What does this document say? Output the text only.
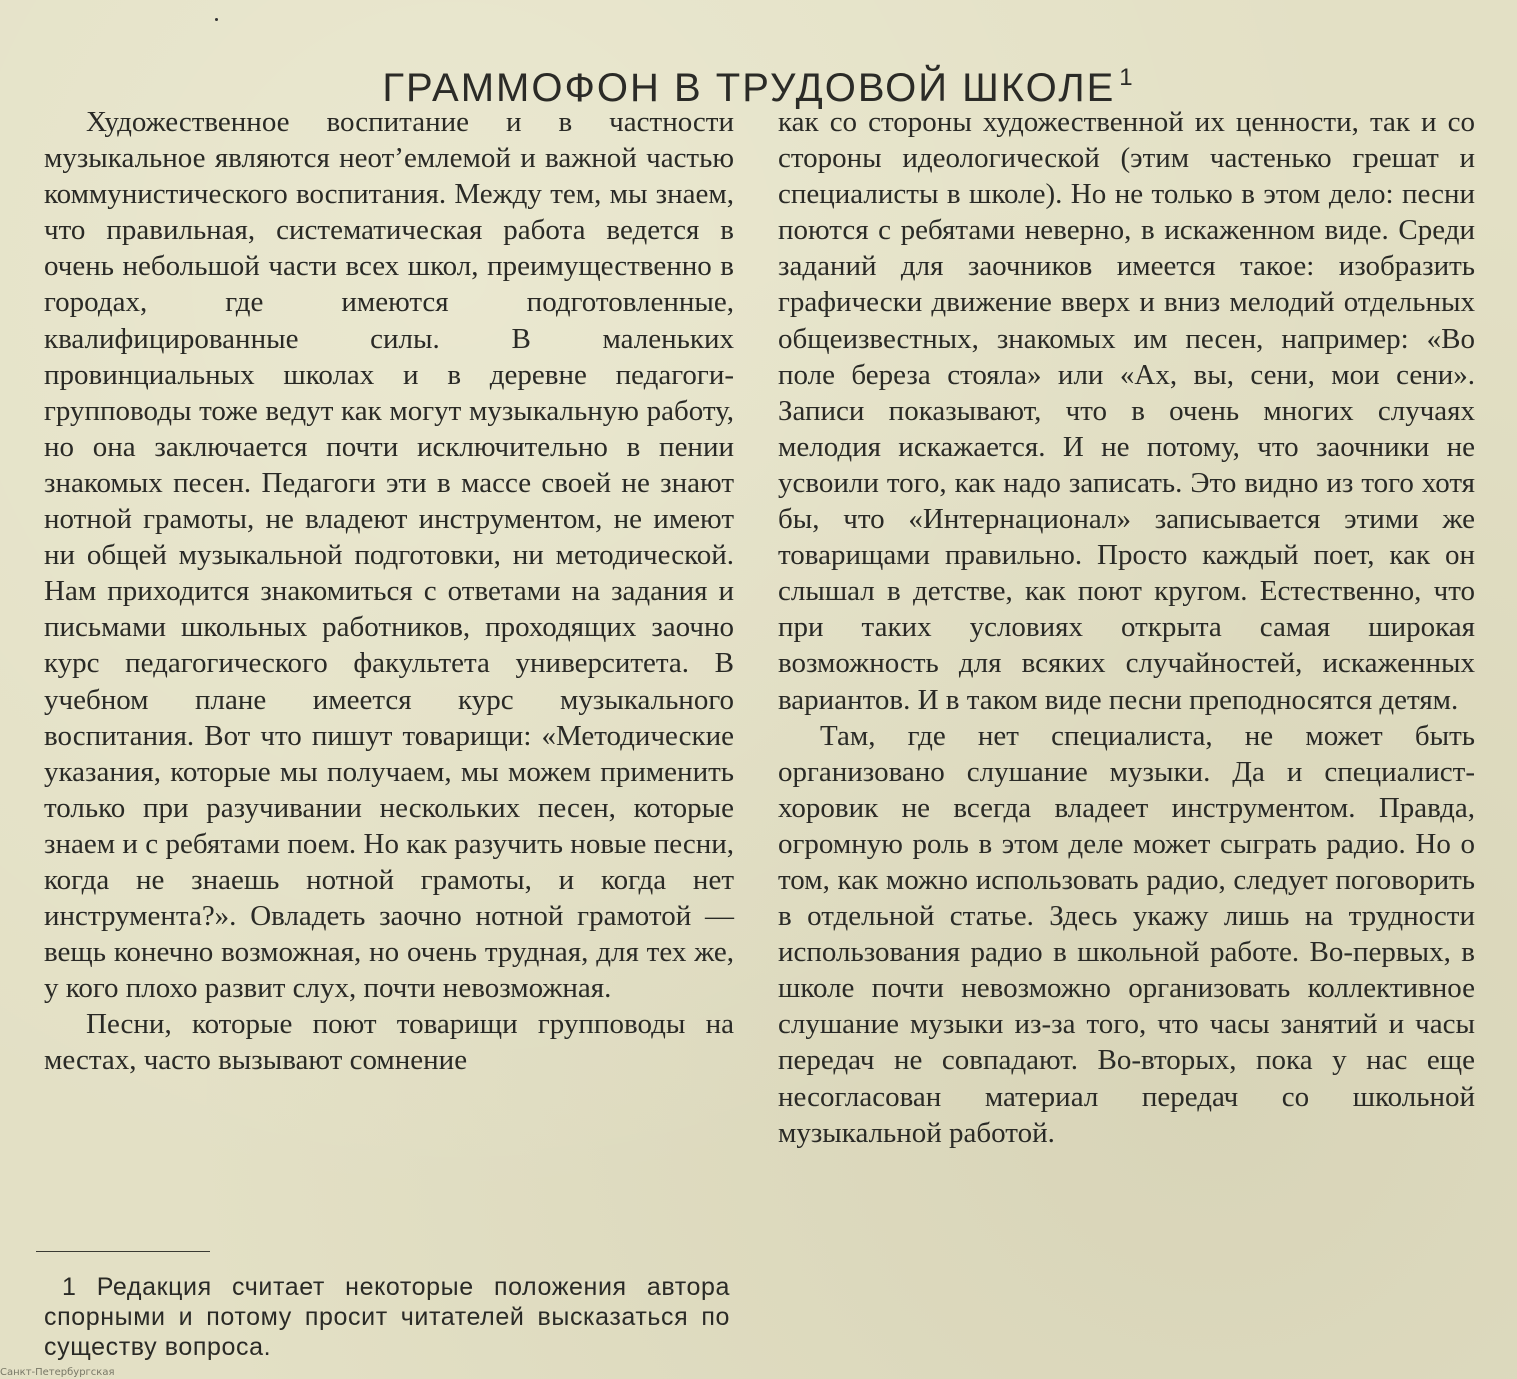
ГРАММОФОН В ТРУДОВОЙ ШКОЛЕ $^1$

Художественное воспитание и в частности музыкальное являются неот’емлемой и важной частью коммунистического воспитания. Между тем, мы знаем, что правильная, систематическая работа ведется в очень небольшой части всех школ, преимущественно в городах, где имеются подготовленные, квалифицированные силы. В маленьких провинциальных школах и в деревне педагоги-групповоды тоже ведут как могут музыкальную работу, но она заключается почти исключительно в пении знакомых песен. Педагоги эти в массе своей не знают нотной грамоты, не владеют инструментом, не имеют ни общей музыкальной подготовки, ни методической. Нам приходится знакомиться с ответами на задания и письмами школьных работников, проходящих заочно курс педагогического факультета университета. В учебном плане имеется курс музыкального воспитания. Вот что пишут товарищи: «Методические указания, которые мы получаем, мы можем применить только при разучивании нескольких песен, которые знаем и с ребятами поем. Но как разучить новые песни, когда не знаешь нотной грамоты, и когда нет инструмента?». Овладеть заочно нотной грамотой — вещь конечно возможная, но очень трудная, для тех же, у кого плохо развит слух, почти невозможная.

Песни, которые поют товарищи групповоды на местах, часто вызывают сомнение

как со стороны художественной их ценности, так и со стороны идеологической (этим частенько грешат и специалисты в школе). Но не только в этом дело: песни поются с ребятами неверно, в искаженном виде. Среди заданий для заочников имеется такое: изобразить графически движение вверх и вниз мелодий отдельных общеизвестных, знакомых им песен, например: «Во поле береза стояла» или «Ах, вы, сени, мои сени». Записи показывают, что в очень многих случаях мелодия искажается. И не потому, что заочники не усвоили того, как надо записать. Это видно из того хотя бы, что «Интернационал» записывается этими же товарищами правильно. Просто каждый поет, как он слышал в детстве, как поют кругом. Естественно, что при таких условиях открыта самая широкая возможность для всяких случайностей, искаженных вариантов. И в таком виде песни преподносятся детям.

Там, где нет специалиста, не может быть организовано слушание музыки. Да и специалист-хоровик не всегда владеет инструментом. Правда, огромную роль в этом деле может сыграть радио. Но о том, как можно использовать радио, следует поговорить в отдельной статье. Здесь укажу лишь на трудности использования радио в школьной работе. Во-первых, в школе почти невозможно организовать коллективное слушание музыки из-за того, что часы занятий и часы передач не совпадают. Во-вторых, пока у нас еще несогласован материал передач со школьной музыкальной работой.

1 Редакция считает некоторые положения автора спорными и потому просит читателей высказаться по существу вопроса.

Санкт-Петербургская
